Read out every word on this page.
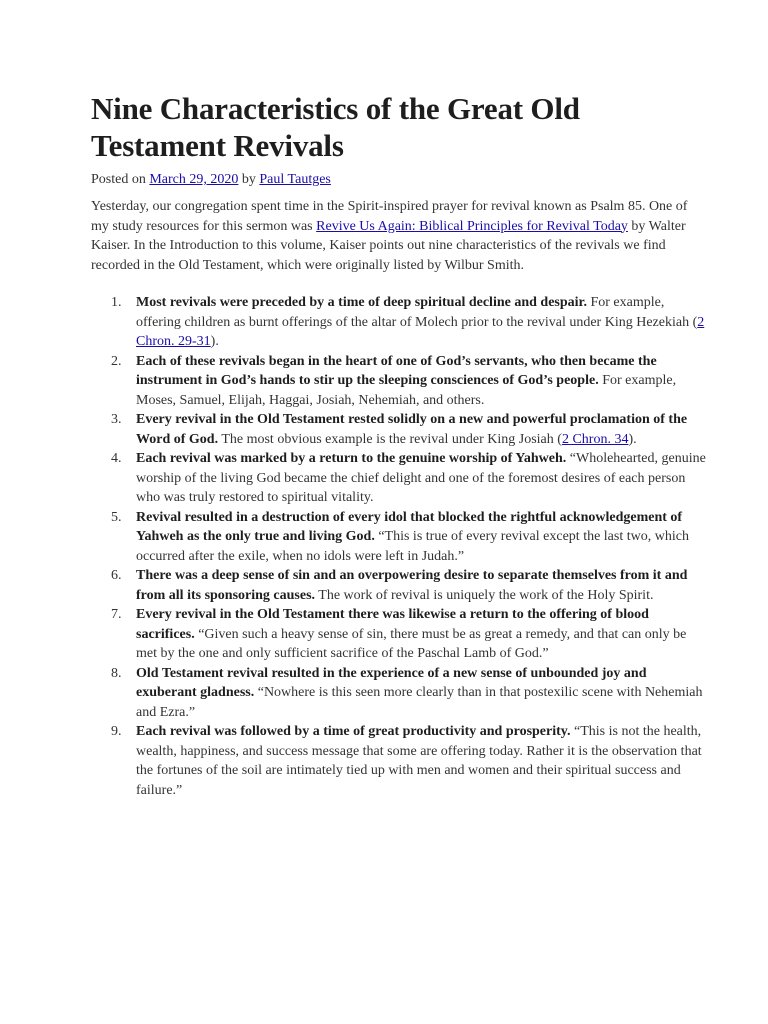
Nine Characteristics of the Great Old Testament Revivals

Posted on March 29, 2020 by Paul Tautges

Yesterday, our congregation spent time in the Spirit-inspired prayer for revival known as Psalm 85. One of my study resources for this sermon was Revive Us Again: Biblical Principles for Revival Today by Walter Kaiser. In the Introduction to this volume, Kaiser points out nine characteristics of the revivals we find recorded in the Old Testament, which were originally listed by Wilbur Smith.

1. Most revivals were preceded by a time of deep spiritual decline and despair. For example, offering children as burnt offerings of the altar of Molech prior to the revival under King Hezekiah (2 Chron. 29-31).
2. Each of these revivals began in the heart of one of God’s servants, who then became the instrument in God’s hands to stir up the sleeping consciences of God’s people. For example, Moses, Samuel, Elijah, Haggai, Josiah, Nehemiah, and others.
3. Every revival in the Old Testament rested solidly on a new and powerful proclamation of the Word of God. The most obvious example is the revival under King Josiah (2 Chron. 34).
4. Each revival was marked by a return to the genuine worship of Yahweh. “Wholehearted, genuine worship of the living God became the chief delight and one of the foremost desires of each person who was truly restored to spiritual vitality.
5. Revival resulted in a destruction of every idol that blocked the rightful acknowledgement of Yahweh as the only true and living God. “This is true of every revival except the last two, which occurred after the exile, when no idols were left in Judah.”
6. There was a deep sense of sin and an overpowering desire to separate themselves from it and from all its sponsoring causes. The work of revival is uniquely the work of the Holy Spirit.
7. Every revival in the Old Testament there was likewise a return to the offering of blood sacrifices. “Given such a heavy sense of sin, there must be as great a remedy, and that can only be met by the one and only sufficient sacrifice of the Paschal Lamb of God.”
8. Old Testament revival resulted in the experience of a new sense of unbounded joy and exuberant gladness. “Nowhere is this seen more clearly than in that postexilic scene with Nehemiah and Ezra.”
9. Each revival was followed by a time of great productivity and prosperity. “This is not the health, wealth, happiness, and success message that some are offering today. Rather it is the observation that the fortunes of the soil are intimately tied up with men and women and their spiritual success and failure.”
